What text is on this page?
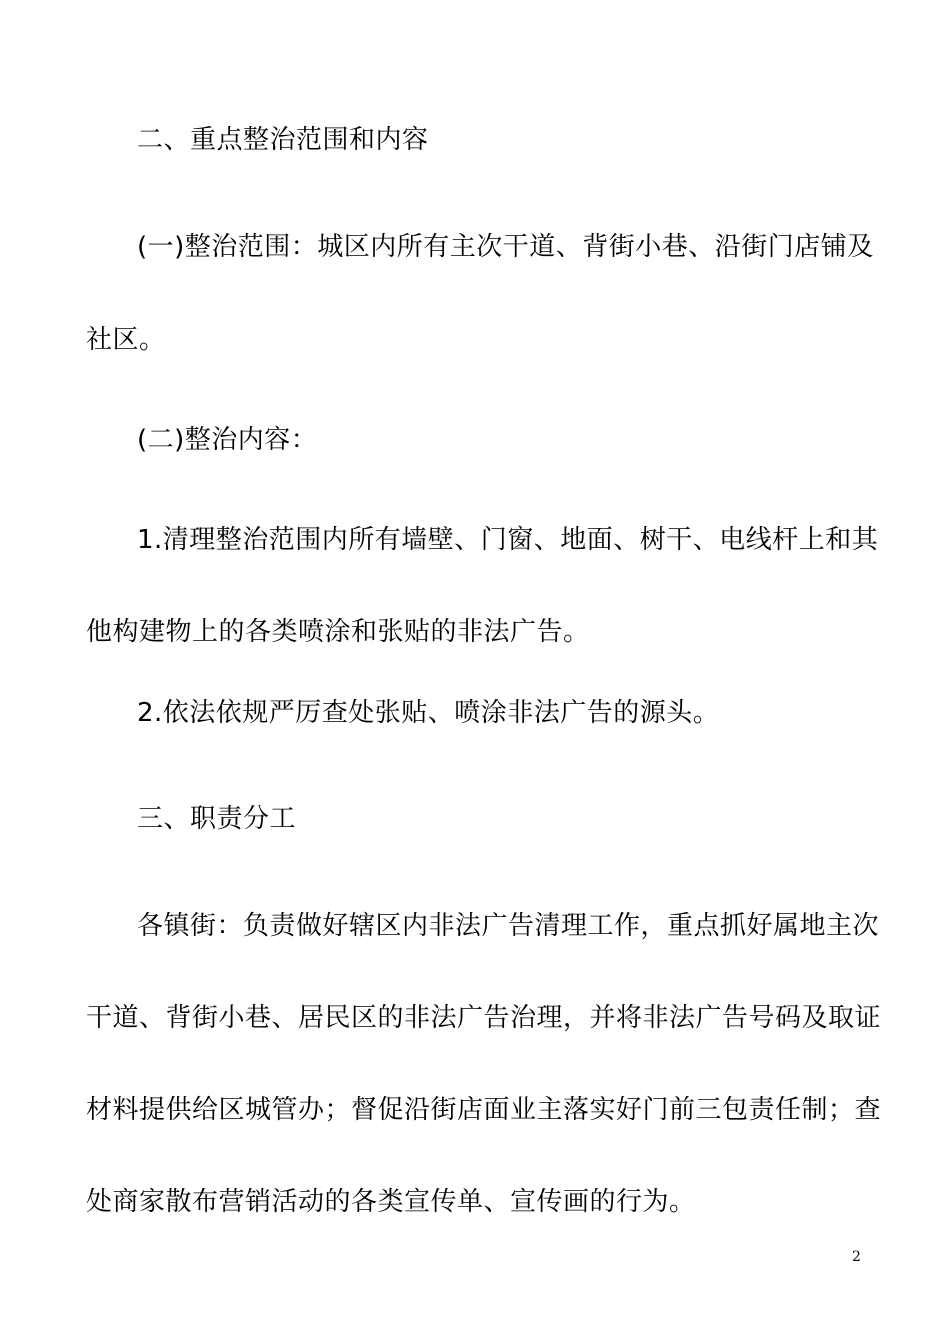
二、重点整治范围和内容
(一)整治范围：城区内所有主次干道、背街小巷、沿街门店铺及
社区。
(二)整治内容：
1.清理整治范围内所有墙壁、门窗、地面、树干、电线杆上和其
他构建物上的各类喷涂和张贴的非法广告。
2.依法依规严厉查处张贴、喷涂非法广告的源头。
三、职责分工
各镇街：负责做好辖区内非法广告清理工作，重点抓好属地主次
干道、背街小巷、居民区的非法广告治理，并将非法广告号码及取证
材料提供给区城管办；督促沿街店面业主落实好门前三包责任制；查
处商家散布营销活动的各类宣传单、宣传画的行为。
2
